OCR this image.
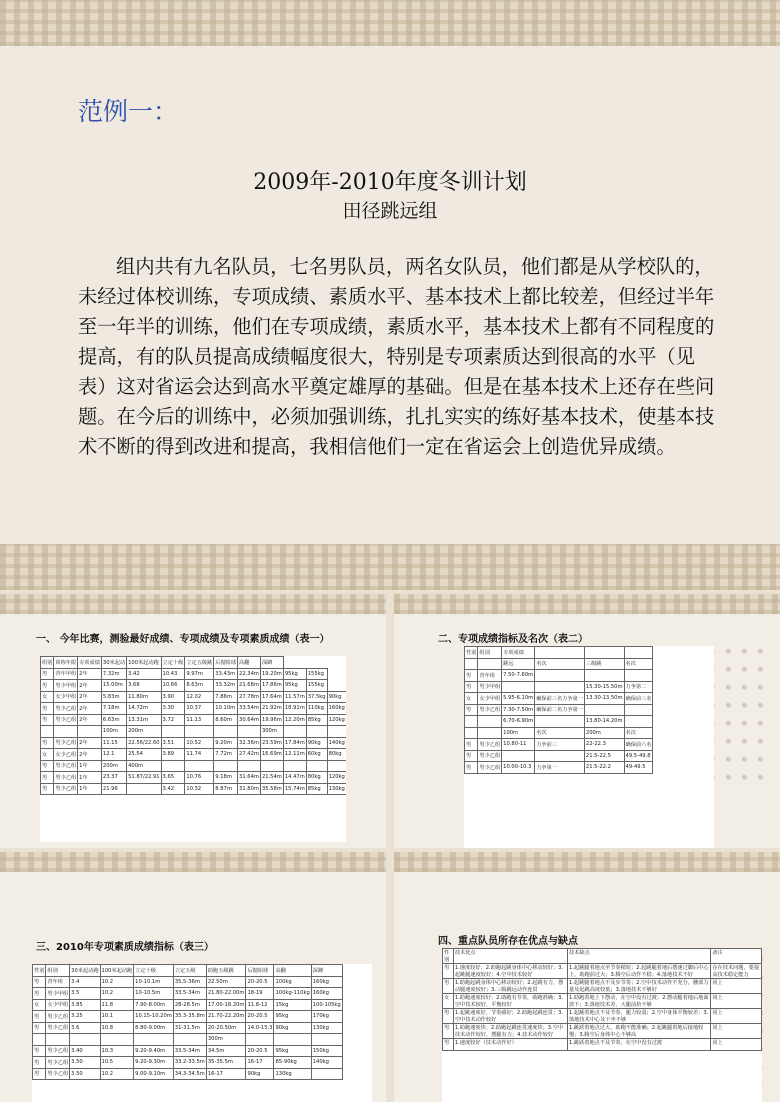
范例一：
2009年-2010年度冬训计划
田径跳远组
组内共有九名队员，七名男队员，两名女队员，他们都是从学校队的，未经过体校训练，专项成绩、素质水平、基本技术上都比较差，但经过半年至一年半的训练，他们在专项成绩，素质水平，基本技术上都有不同程度的提高，有的队员提高成绩幅度很大，特别是专项素质达到很高的水平（见表）这对省运会达到高水平奠定雄厚的基础。但是在基本技术上还存在些问题。在今后的训练中，必须加强训练，扎扎实实的练好基本技术，使基本技术不断的得到改进和提高，我相信他们一定在省运会上创造优异成绩。
一、 今年比赛，测验最好成绩、专项成绩及专项素质成绩（表一）
组别	训练年限	专项成绩	30米起动	100米起动跑	立定十级	立定五级跳	后抛铅球	高翻	深蹲			
男	青年甲组	2年	7.32m	3.42	10.43	9.97m	33.43m	22.34m	19.20m	95kg	155kg	
男	男少甲组	2年	15.00m	3.68	10.66	8.63m	33.32m	21.68m	17.86m	95kg	155kg	
女	女少甲组	2年	5.83m	11.80m	3.90	12.02	7.86m	27.78m	17.64m	11.57m	37.5kg	90kg
男	男少乙组	2年	7.18m	14.72m	3.30	10.37	10.10m	33.54m	21.92m	18.91m	110kg	160kg
男	男少乙组	2年	6.63m	13.31m	3.72	11.13	8.60m	30.64m	19.96m	12.20m	85kg	120kg
			100m	200m					300m			
男	男少乙组	2年	11.15	22.56/22.60	3.51	10.52	9.20m	32.36m	23.59m	17.84m	90kg	140kg
女	女少乙组	2年	12.1	25.54	3.89	11.74	7.72m	27.42m	16.69m	12.11m	60kg	80kg
男	男少乙组	1年	200m	400m								
男	男少乙组	1年	23.37	51.87/22.91	3.65	10.76	9.18m	31.64m	21.54m	14.47m	80kg	120kg
男	男少乙组	1年	21.96		3.42	10.32	8.87m	31.80m	35.58m	15.74m	85kg	130kg
二、专项成绩指标及名次（表二）
性别	组别	专项成绩			
		跳远	名次	三级跳	名次
男	青年组	7.50-7.60m			
男	男少甲组			15.30-15.50m	力争第二
女	女少甲组	5.95-6.10m	确保前三名力争第一	13.30-13.50m	确保前三名
男	男少乙组	7.30-7.50m	确保前二名力争第一		
		6.70-6.90m		13.80-14.20m	
		100m	名次	200m	名次
男	男少乙组	10.80-11	力争前三	22-22.3	确保前六名
男	男少乙组			21.5-22.5	49.5-49.8
男	男少乙组	10.00-10.3	力争第一	21.5-22.2	49-49.5
三、2010年专项素质成绩指标（表三）
性别	组别	30米起动跑	100米起动跑	立定十级	立定五级	助跑五级跳	后抛铅球	高翻	深蹲
男	青年组	3.4	10.2	10-10.1m	35.5-36m	22.50m	20-20.5	100kg	160kg
男	男少甲组	3.5	10.2	10-10.5m	33.5-34m	21.80-22.00m	18-19	100kg-110kg	160kg
女	女少甲组	3.85	11.8	7.90-8.00m	28-28.5m	17.00-18.20m	11.8-12	15kg	100-105kg
男	男少乙组	3.25	10.1	10.15-10.20m	35.3-35.8m	21.70-22.20m	20-20.5	95kg	170kg
男	男少乙组	3.6	10.8	8.80-9.00m	31-31.5m	20-20.50m	14.0-15.3	90kg	130kg
						300m			
男	男少乙组	3.40	10.3	9.20-9.40m	33.5-34m	34.5m	20-20.5	95kg	150kg
男	男少乙组	3.50	10.5	9.20-9.30m	33.2-33.5m	35-35.5m	16-17	85-90kg	140kg
男	男少乙组	3.50	10.2	9.00-9.10m	34.3-34.5m	16-17	90kg	130kg	
四、重点队员所存在优点与缺点
性别	技术优点	技术缺点	备注
男	1.速度较好；2.助跑起跳身体中心移动较好；3.起跳腿速度较好；4.空中技术较好	1.起跳腿着地点至节奏稍短；2.起跳腿着地后摆速过脚后中心上，助跑前过大；3.腾空后动作不稳；4.落地技术不好	存在技术问题，要提高技术稳定能力
男	1.助跑起跳身体中心移动较好；2.起跳有力，摆动腿速度较好；3.三级跳远动作连贯	1.起跳腿着地点不及步节奏；2.空中技术动作不充分，腰部力量及起跳高度较低；3.落地技术不够好	同上
女	1.助跑速度较好；2.助跑有节奏，助跑准确；3.空中技术较好，平衡较好	1.助跑着地上下摆动，在空中没有过渡；2.摆动腿着地后地面放下；3.落地技术差，大腿前抬不够	同上
男	1.起跳速度好，节奏感好；2.助跑起跳连贯；3.空中技术动作较好	1.起跳着地点不及节奏，腿力较弱；2.空中身体平衡较差；3.落地技术中心及下坐不够	同上
男	1.助跑速度快；2.助跑起跳连贯速度快；3.空中技术动作较好，摆腿有力；4.技术动作较好	1.跳跃着地点过大，助跑不能准确；2.起跳腿着地后接地较慢；3.腾空后身体中心不够高	同上
男	1.速度较好（技术动作好）	1.跳跃着地点不及节奏，在空中没有过渡	同上
